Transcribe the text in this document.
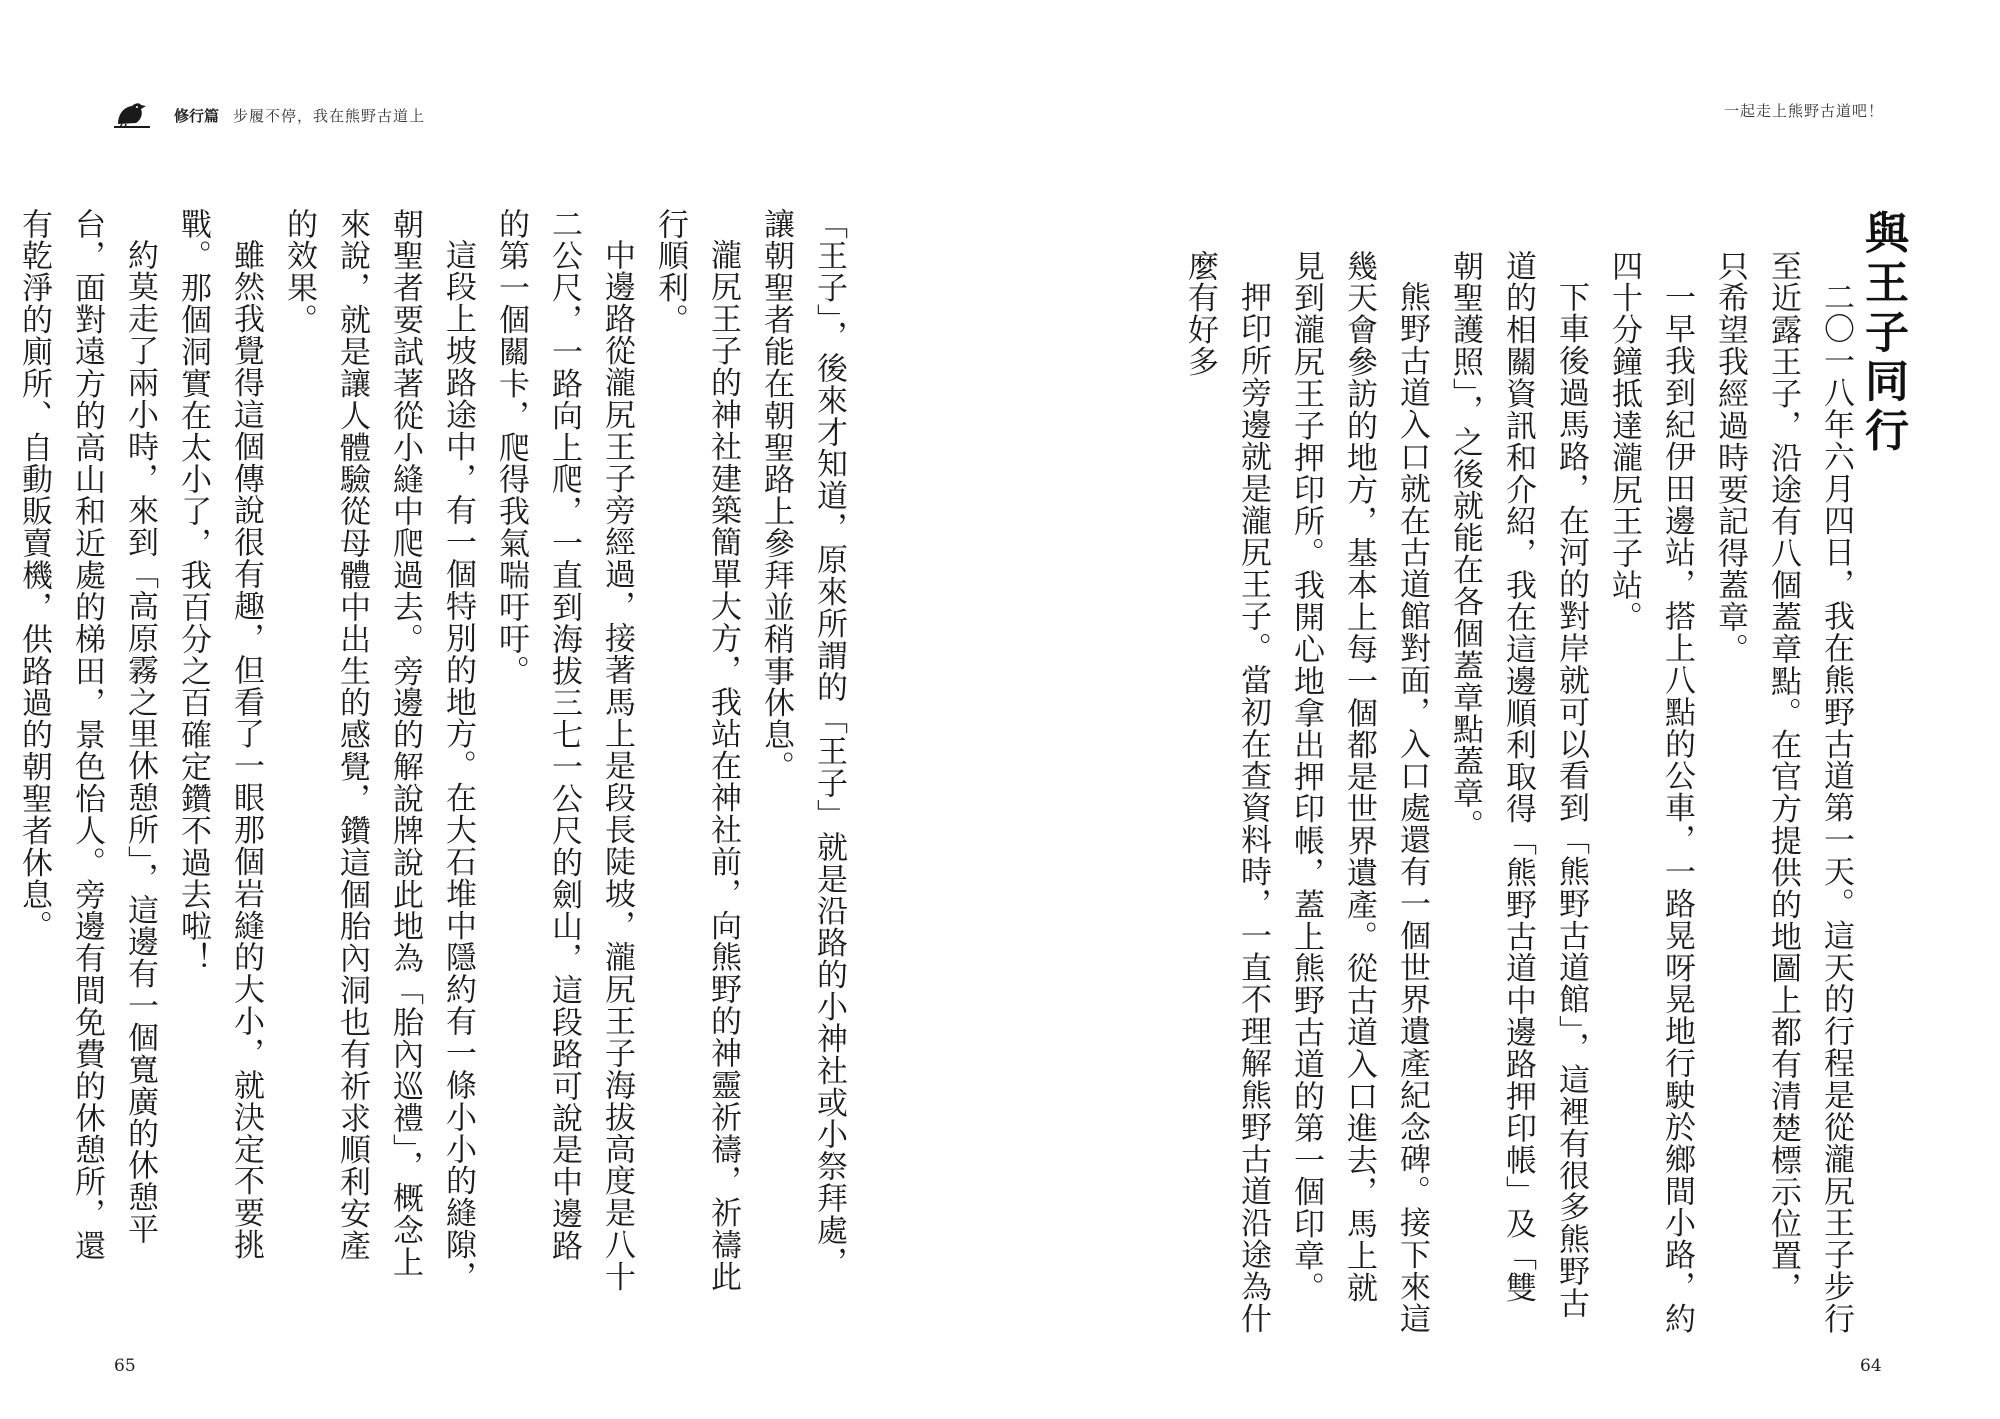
修行篇 步履不停，我在熊野古道上

「王子」，後來才知道，原來所謂的「王子」就是沿路的小神社或小祭拜處，讓朝聖者能在朝聖路上參拜並稍事休息。

瀧尻王子的神社建築簡單大方，我站在神社前，向熊野的神靈祈禱，祈禱此行順利。

中邊路從瀧尻王子旁經過，接著馬上是段長陡坡，瀧尻王子海拔高度是八十二公尺，一路向上爬，一直到海拔三七一公尺的劍山，這段路可說是中邊路的第一個關卡，爬得我氣喘吁吁。

這段上坡路途中，有一個特別的地方。在大石堆中隱約有一條小小的縫隙，朝聖者要試著從小縫中爬過去。旁邊的解說牌說此地為「胎內巡禮」，概念上來說，就是讓人體驗從母體中出生的感覺，鑽這個胎內洞也有祈求順利安產的效果。

雖然我覺得這個傳說很有趣，但看了一眼那個岩縫的大小，就決定不要挑戰。那個洞實在太小了，我百分之百確定鑽不過去啦！

約莫走了兩小時，來到「高原霧之里休憩所」，這邊有一個寬廣的休憩平台，面對遠方的高山和近處的梯田，景色怡人。旁邊有間免費的休憩所，還有乾淨的廁所、自動販賣機，供路過的朝聖者休息。

65
一起走上熊野古道吧！
與王子同行

二〇一八年六月四日，我在熊野古道第一天。這天的行程是從瀧尻王子步行至近露王子，沿途有八個蓋章點。在官方提供的地圖上都有清楚標示位置，只希望我經過時要記得蓋章。

一早我到紀伊田邊站，搭上八點的公車，一路晃呀晃地行駛於鄉間小路，約四十分鐘抵達瀧尻王子站。

下車後過馬路，在河的對岸就可以看到「熊野古道館」，這裡有很多熊野古道的相關資訊和介紹，我在這邊順利取得「熊野古道中邊路押印帳」及「雙朝聖護照」，之後就能在各個蓋章點蓋章。

熊野古道入口就在古道館對面，入口處還有一個世界遺產紀念碑。接下來這幾天會參訪的地方，基本上每一個都是世界遺產。從古道入口進去，馬上就見到瀧尻王子押印所。我開心地拿出押印帳，蓋上熊野古道的第一個印章。

押印所旁邊就是瀧尻王子。當初在查資料時，一直不理解熊野古道沿途為什麼有好多

64
